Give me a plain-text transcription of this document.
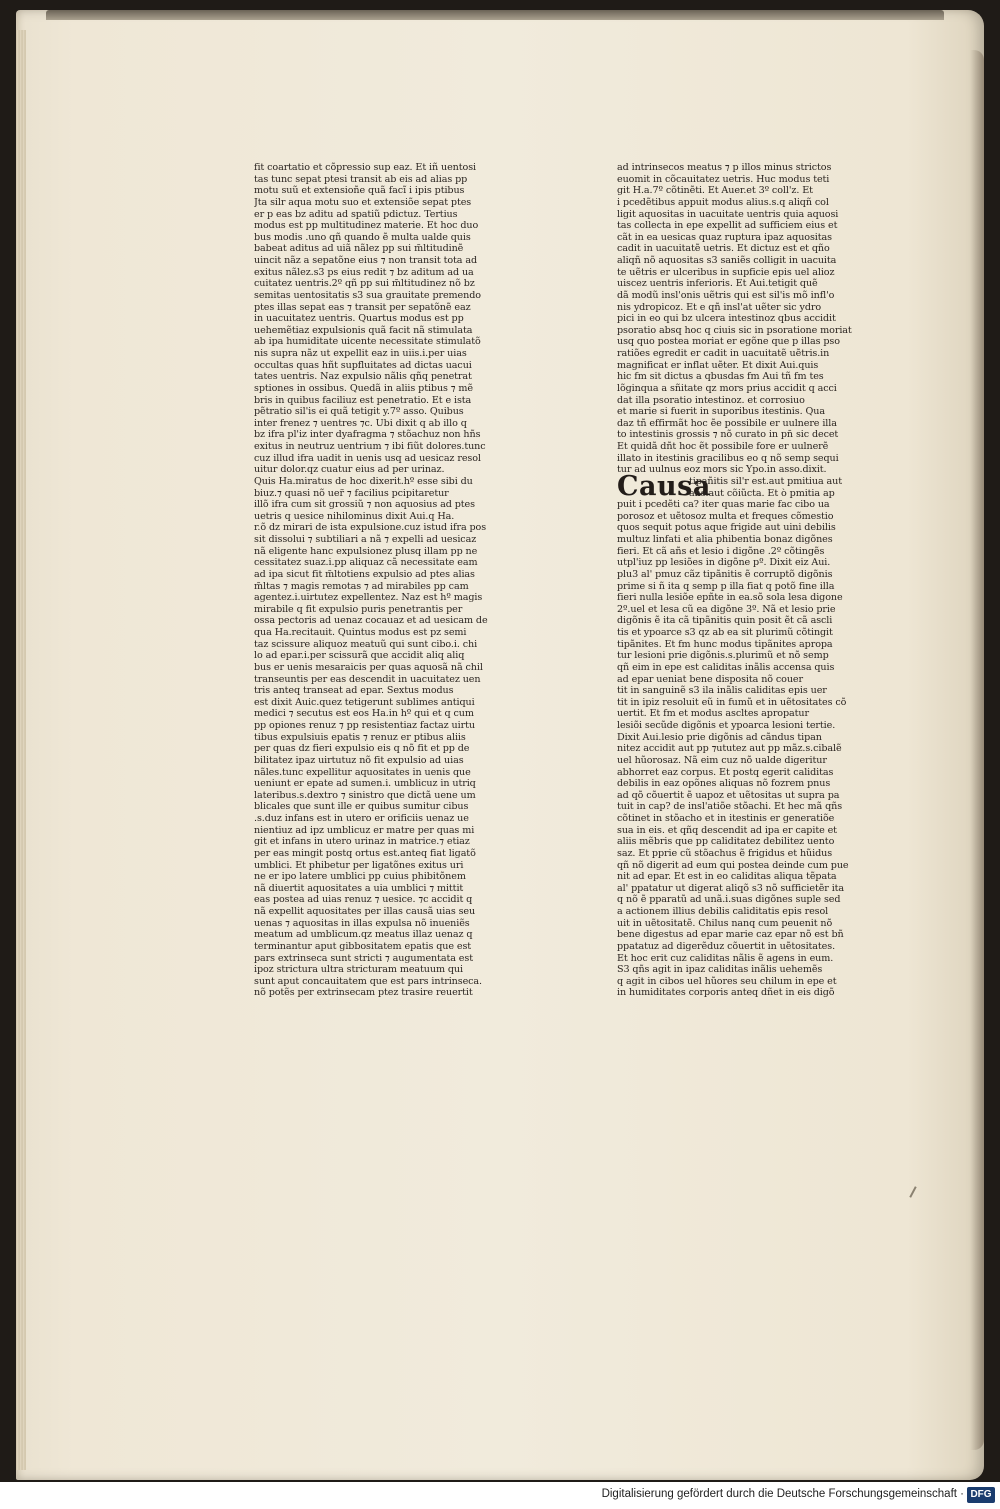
fit coartatio et cõpressio sup eaz. Et iñ uentosi
tas tunc sepat ptesi transit ab eis ad alias pp
motu suũ et extensioñe quã facĩ i ipis ptibus
Jta silr aqua motu suo et extensiõe sepat ptes
er p eas bz aditu ad spatiũ pdictuz. Tertius
modus est pp multitudinez materie. Et hoc duo
bus modis .uno qñ quando ẽ multa ualde quis
babeat aditus ad uiã nãlez pp sui m̃ltitudinẽ
uincit nãz a sepatõne eius ⁊ non transit tota ad
exitus nãlez.s3 ps eius redit ⁊ bz aditum ad ua
cuitatez uentris.2º qñ pp sui m̃ltitudinez nõ bz
semitas uentositatis s3 sua grauitate premendo
ptes illas sepat eas ⁊ transit per sepatõnẽ eaz
in uacuitatez uentris. Quartus modus est pp
uehemẽtiaz expulsionis quã facit nã stimulata
ab ipa humiditate uicente necessitate stimulatõ
nis supra nãz ut expellit eaz in uiis.i.per uias
occultas quas hñt supfluitates ad dictas uacui
tates uentris. Naz expulsio nãlis qñq penetrat
sptiones in ossibus. Quedã in aliis ptibus ⁊ mẽ
bris in quibus faciliuz est penetratio. Et e ista
pẽtratio sil'is ei quã tetigit y.7º asso. Quibus
inter frenez ⁊ uentres ⁊c. Ubi dixit q ab illo q
bz ifra pl'iz inter dyafragma ⁊ stõachuz non hñs
exitus in neutruz uentrium ⁊ ibi fiũt dolores.tunc
cuz illud ifra uadit in uenis usq ad uesicaz resol
uitur dolor.qz cuatur eius ad per urinaz.
Quis Ha.miratus de hoc dixerit.hº esse sibi du
biuz.⁊ quasi nõ uer̃ ⁊ facilius pcipitaretur
illõ ifra cum sit grossiũ ⁊ non aquosius ad ptes
uetris q uesice nihilominus dixit Aui.q Ha.
r.õ dz mirari de ista expulsione.cuz istud ifra pos
sit dissolui ⁊ subtiliari a nã ⁊ expelli ad uesicaz
nã eligente hanc expulsionez plusq illam pp ne
cessitatez suaz.i.pp aliquaz cã necessitate eam
ad ipa sicut fit m̃ltotiens expulsio ad ptes alias
m̃ltas ⁊ magis remotas ⁊ ad mirabiles pp cam
agentez.i.uirtutez expellentez. Naz est hº magis
mirabile q fit expulsio puris penetrantis per
ossa pectoris ad uenaz cocauaz et ad uesicam de
qua Ha.recitauit. Quintus modus est pz semi
taz scissure aliquoz meatuũ qui sunt cibo.i. chi
lo ad epar.i.per scissurã que accidit aliq aliq
bus er uenis mesaraicis per quas aquosã nã chil
transeuntis per eas descendit in uacuitatez uen
tris anteq transeat ad epar. Sextus modus
est dixit Auic.quez tetigerunt sublimes antiqui
medici ⁊ secutus est eos Ha.in hº qui et q cum
pp opiones renuz ⁊ pp resistentiaz factaz uirtu
tibus expulsiuis epatis ⁊ renuz er ptibus aliis
per quas dz fieri expulsio eis q nõ fit et pp de
bilitatez ipaz uirtutuz nõ fit expulsio ad uias
nãles.tunc expellitur aquositates in uenis que
ueniunt er epate ad sumen.i. umblicuz in utriq
lateribus.s.dextro ⁊ sinistro que dictã uene um
blicales que sunt ille er quibus sumitur cibus
.s.duz infans est in utero er orificiis uenaz ue
nientiuz ad ipz umblicuz er matre per quas mi
git et infans in utero urinaz in matrice.⁊ etiaz
per eas mingit postq ortus est.anteq fiat ligatõ
umblici. Et phibetur per ligatõnes exitus uri
ne er ipo latere umblici pp cuius phibitõnem
nã diuertit aquositates a uia umblici ⁊ mittit
eas postea ad uias renuz ⁊ uesice. ⁊c accidit q
nã expellit aquositates per illas causã uias seu
uenas ⁊ aquositas in illas expulsa nõ inueniẽs
meatum ad umblicum.qz meatus illaz uenaz q
terminantur aput gibbositatem epatis que est
pars extrinseca sunt stricti ⁊ augumentata est
ipoz strictura ultra stricturam meatuum qui
sunt aput concauitatem que est pars intrinseca.
nõ potẽs per extrinsecam ptez trasire reuertit
ad intrinsecos meatus ⁊ p illos minus strictos
euomit in cõcauitatez uetris. Huc modus teti
git H.a.7º cõtinẽti. Et Auer.et 3º coll'z. Et
i pcedẽtibus appuit modus alius.s.q aliqñ col
ligit aquositas in uacuitate uentris quia aquosi
tas collecta in epe expellit ad sufficiem eius et
cãt in ea uesicas quaz ruptura ipaz aquositas
cadit in uacuitatẽ uetris. Et dictuz est et qño
aliqñ nõ aquositas s3 saniẽs colligit in uacuita
te uẽtris er ulceribus in supficie epis uel alioz
uiscez uentris inferioris. Et Aui.tetigit quẽ
dã modũ insl'onis uẽtris qui est sil'is mõ infl'o
nis ydropicoz. Et e qñ insl'at uẽter sic ydro
pici in eo qui bz ulcera intestinoz qbus accidit
psoratio absq hoc q ciuis sic in psoratione moriat
usq quo postea moriat er egõne que p illas pso
ratiões egredit er cadit in uacuitatẽ uẽtris.in
magnificat er inflat uẽter. Et dixit Aui.quis
hic fm sit dictus a qbusdas fm Aui tñ fm tes
lõginqua a sñitate qz mors prius accidit q acci
dat illa psoratio intestinoz. et corrosiuo
et marie si fuerit in suporibus itestinis. Qua
daz tñ effirmãt hoc ẽe possibile er uulnere illa
to intestinis grossis ⁊ nõ curato in pn̄ sic decet
Et quidã dñt hoc ẽt possibile fore er uulnerẽ
illato in itestinis gracilibus eo q nõ semp sequi
tur ad uulnus eoz mors sic Ypo.in asso.dixit.
Causa
tipañitis sil'r est.aut pmitiua aut
añs.aut cõiũcta. Et ò pmitia ap
puit i pcedẽti ca? iter quas marie fac cibo ua
porosoz et uẽtosoz multa et freques cõmestio
quos sequit potus aque frigide aut uini debilis
multuz linfati et alia phibentia bonaz digõnes
fieri. Et cã añs et lesio i digõne .2º cõtingẽs
utpl'iuz pp lesiões in digõne pº. Dixit eiz Aui.
plu3 al' pmuz cãz tipãnitis ẽ corruptõ digõnis
prime si ñ ita q semp p illa fiat q potõ fine illa
fieri nulla lesiõe epñte in ea.sõ sola lesa digone
2º.uel et lesa cũ ea digõne 3º. Nã et lesio prie
digõnis ẽ ita cã tipãnitis quin posit ẽt cã ascli
tis et ypoarce s3 qz ab ea sit plurimũ cõtingit
tipãnites. Et fm hunc modus tipãnites apropa
tur lesioni prie digõnis.s.plurimũ et nõ semp
qñ eim in epe est caliditas inãlis accensa quis
ad epar ueniat bene disposita nõ couer
tit in sanguinẽ s3 ila inãlis caliditas epis uer
tit in ipiz resoluit eũ in fumũ et in uẽtositates cõ
uertit. Et fm et modus ascltes apropatur
lesiõi secũde digõnis et ypoarca lesioni tertie.
Dixit Aui.lesio prie digõnis ad cãndus tipan
nitez accidit aut pp ⁊ututez aut pp mãz.s.cibalẽ
uel hũorosaz. Nã eim cuz nõ ualde digeritur
abhorret eaz corpus. Et postq egerit caliditas
debilis in eaz opõnes aliquas nõ fozrem pnus
ad qõ cõuertit ẽ uapoz et uẽtositas ut supra pa
tuit in cap? de insl'atiõe stõachi. Et hec mã qñs
cõtinet in stõacho et in itestinis er generatiõe
sua in eis. et qñq descendit ad ipa er capite et
aliis mẽbris que pp caliditatez debilitez uento
saz. Et pprie cũ stõachus ẽ frigidus et hũidus
qñ nõ digerit ad eum qui postea deinde cum pue
nit ad epar. Et est in eo caliditas aliqua tẽpata
al' ppatatur ut digerat aliqõ s3 nõ sufficietẽr ita
q nõ ẽ pparatũ ad unã.i.suas digõnes suple sed
a actionem illius debilis caliditatis epis resol
uit in uẽtositatẽ. Chilus nanq cum peuenit nõ
bene digestus ad epar marie caz epar nõ est bñ
ppatatuz ad digerẽduz cõuertit in uẽtositates.
Et hoc erit cuz caliditas nãlis ẽ agens in eum.
S3 qñs agit in ipaz caliditas inãlis uehemẽs
q agit in cibos uel hũores seu chilum in epe et
in humiditates corporis anteq dñet in eis digõ
Digitalisierung gefördert durch die Deutsche Forschungsgemeinschaft · DFG
